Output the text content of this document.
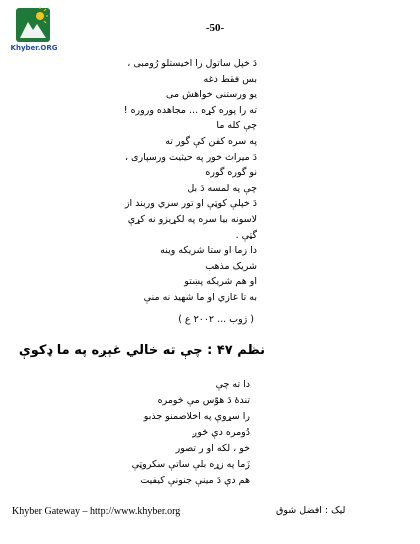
Khyber.ORG
-50-
دَ خپل ساتول را اخیستلو رُومبی ،
بس فقط دغه
یو ورستنی خواهش می
ته را پوره کړه ... مجاهده وروره !
چې کله ما
په سره کفن کې گور ته
دَ میراث خور په حیثیت ورسپاری ،
نو گوره گوره
چې په لمسه دَ بل
دَ خپلې کوټې او تور سري وربند از
لاسونه بیا سره په لکړیزو نه کړې
گټې .
دا زما او ستا شریکه وینه
شریک مذهب
او هم شریکه پښتو
به تا غازي او ما شهید نه منې
( ژوب ... ۲۰۰۲ ع )
نظم ۴۷ : چې ته خالي غېږه په ما ډکوې
دا ته چې
تندهٔ دَ هوّس مې څومره
را سړوې په اخلاصمنو جذبو
دُومره دې څوږ
خو ، لکه او ر تصور
زَما په زړه بلې ساتې سکروټې
هم دې دَ مینې جنونې کیفیت
Khyber Gateway – http://www.khyber.org	لیک : افضل شوق
